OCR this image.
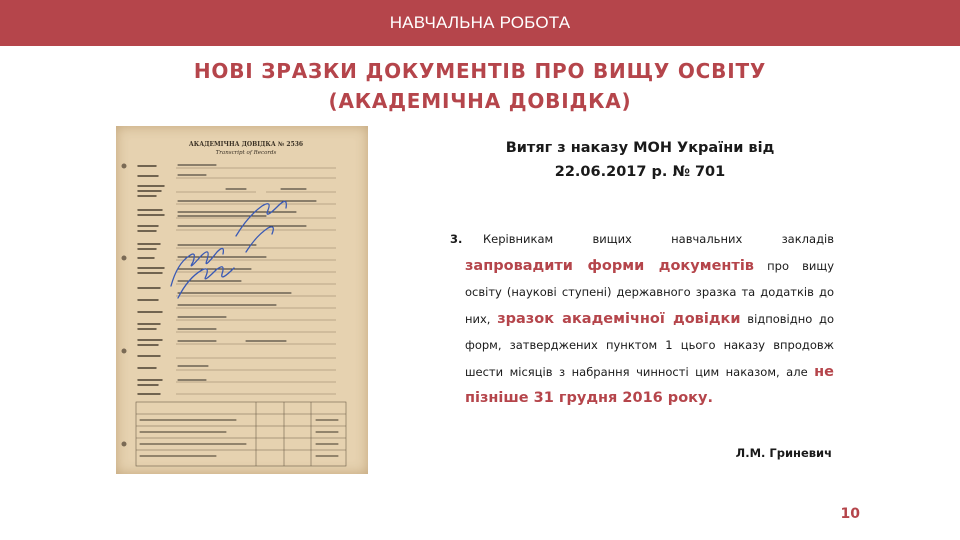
НАВЧАЛЬНА РОБОТА
НОВІ ЗРАЗКИ ДОКУМЕНТІВ ПРО ВИЩУ ОСВІТУ
(АКАДЕМІЧНА ДОВІДКА)
АКАДЕМІЧНА ДОВІДКА № 2536
Transcript of Records	Витяг з наказу МОН України від
22.06.2017 р. № 701
3.	Керівникам вищих навчальних закладів запровадити форми документів про вищу освіту (наукові ступені) державного зразка та додатків до них, зразок академічної довідки відповідно до форм, затверджених пунктом 1 цього наказу впродовж шести місяців з набрання чинності цим наказом, але не пізніше 31 грудня 2016 року.
Л.М. Гриневич
10
